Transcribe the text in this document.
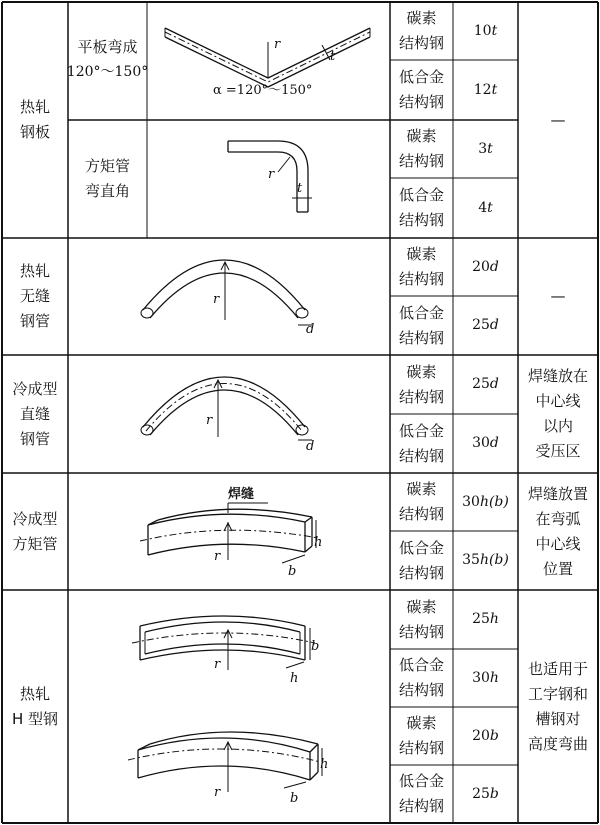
热轧
钢板
热轧
无缝
钢管
冷成型
直缝
钢管
冷成型
方矩管
热轧
H 型钢
平板弯成
120°～150°
方矩管
弯直角
碳素
结构钢
低合金
结构钢
碳素
结构钢
低合金
结构钢
碳素
结构钢
低合金
结构钢
碳素
结构钢
低合金
结构钢
碳素
结构钢
低合金
结构钢
碳素
结构钢
低合金
结构钢
碳素
结构钢
低合金
结构钢
10t
12t
3t
4t
20d
25d
25d
30d
30h(b)
35h(b)
25h
30h
20b
25b
—
—
焊缝放在
中心线
以内
受压区
焊缝放置
在弯弧
中心线
位置
也适用于
工字钢和
槽钢对
高度弯曲
r
t
α =120°～150°
r
t
r
d
r
d
r
焊缝
h
b
r
b
h
r
h
b
